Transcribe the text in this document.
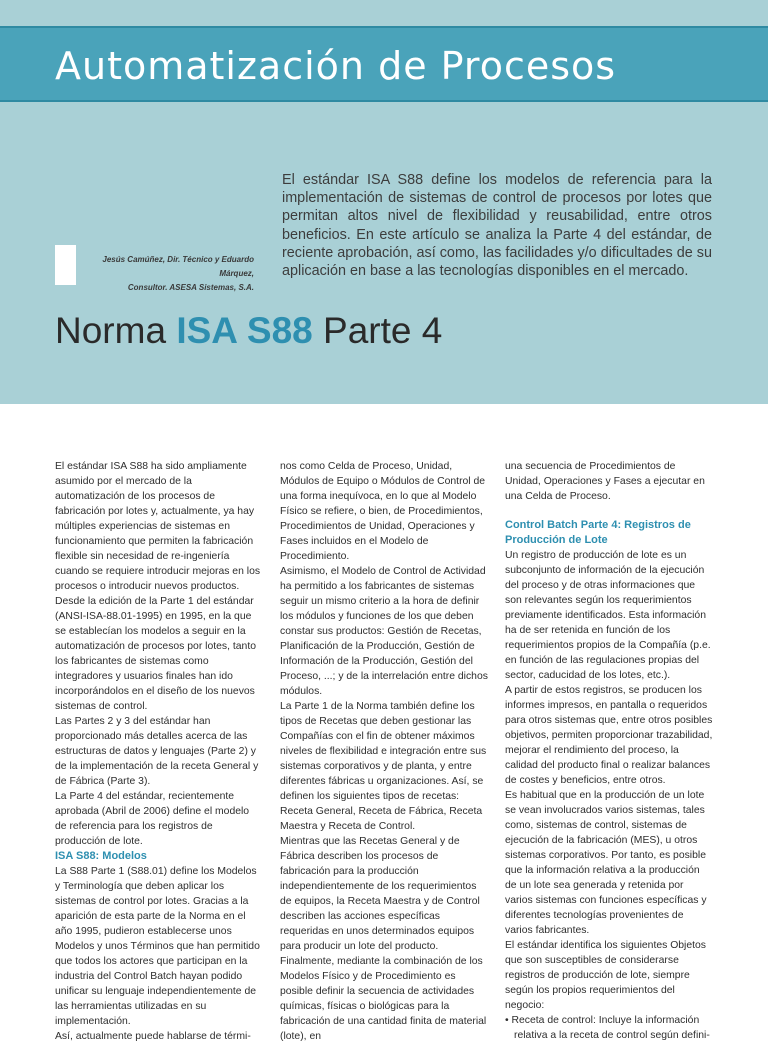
Automatización de Procesos
El estándar ISA S88 define los modelos de referencia para la implementación de sistemas de control de procesos por lotes que permitan altos nivel de flexibilidad y reusabilidad, entre otros beneficios. En este artículo se analiza la Parte 4 del estándar, de reciente aprobación, así como, las facilidades y/o dificultades de su aplicación en base a las tecnologías disponibles en el mercado.
Jesús Camúñez, Dir. Técnico y Eduardo Márquez,
Consultor. ASESA Sistemas, S.A.
Norma ISA S88 Parte 4

El estándar ISA S88 ha sido ampliamente asumido por el mercado de la automatización de los procesos de fabricación por lotes y, actualmente, ya hay múltiples experiencias de sistemas en funcionamiento que permiten la fabricación flexible sin necesidad de re-ingeniería cuando se requiere introducir mejoras en los procesos o introducir nuevos productos.

Desde la edición de la Parte 1 del estándar (ANSI-ISA-88.01-1995) en 1995, en la que se establecían los modelos a seguir en la automatización de procesos por lotes, tanto los fabricantes de sistemas como integradores y usuarios finales han ido incorporándolos en el diseño de los nuevos sistemas de control.

Las Partes 2 y 3 del estándar han proporcionado más detalles acerca de las estructuras de datos y lenguajes (Parte 2) y de la implementación de la receta General y de Fábrica (Parte 3).

La Parte 4 del estándar, recientemente aprobada (Abril de 2006) define el modelo de referencia para los registros de producción de lote.

ISA S88: Modelos

La S88 Parte 1 (S88.01) define los Modelos y Terminología que deben aplicar los sistemas de control por lotes. Gracias a la aparición de esta parte de la Norma en el año 1995, pudieron establecerse unos Modelos y unos Términos que han permitido que todos los actores que participan en la industria del Control Batch hayan podido unificar su lenguaje independientemente de las herramientas utilizadas en su implementación.

Así, actualmente puede hablarse de térmi-

nos como Celda de Proceso, Unidad, Módulos de Equipo o Módulos de Control de una forma inequívoca, en lo que al Modelo Físico se refiere, o bien, de Procedimientos, Procedimientos de Unidad, Operaciones y Fases incluidos en el Modelo de Procedimiento.

Asimismo, el Modelo de Control de Actividad ha permitido a los fabricantes de sistemas seguir un mismo criterio a la hora de definir los módulos y funciones de los que deben constar sus productos: Gestión de Recetas, Planificación de la Producción, Gestión de Información de la Producción, Gestión del Proceso, ...; y de la interrelación entre dichos módulos.

La Parte 1 de la Norma también define los tipos de Recetas que deben gestionar las Compañías con el fin de obtener máximos niveles de flexibilidad e integración entre sus sistemas corporativos y de planta, y entre diferentes fábricas u organizaciones. Así, se definen los siguientes tipos de recetas: Receta General, Receta de Fábrica, Receta Maestra y Receta de Control.

Mientras que las Recetas General y de Fábrica describen los procesos de fabricación para la producción independientemente de los requerimientos de equipos, la Receta Maestra y de Control describen las acciones específicas requeridas en unos determinados equipos para producir un lote del producto.

Finalmente, mediante la combinación de los Modelos Físico y de Procedimiento es posible definir la secuencia de actividades químicas, físicas o biológicas para la fabricación de una cantidad finita de material (lote), en

una secuencia de Procedimientos de Unidad, Operaciones y Fases a ejecutar en una Celda de Proceso.

Control Batch Parte 4: Registros de Producción de Lote

Un registro de producción de lote es un subconjunto de información de la ejecución del proceso y de otras informaciones que son relevantes según los requerimientos previamente identificados. Esta información ha de ser retenida en función de los requerimientos propios de la Compañía (p.e. en función de las regulaciones propias del sector, caducidad de los lotes, etc.).

A partir de estos registros, se producen los informes impresos, en pantalla o requeridos para otros sistemas que, entre otros posibles objetivos, permiten proporcionar trazabilidad, mejorar el rendimiento del proceso, la calidad del producto final o realizar balances de costes y beneficios, entre otros.

Es habitual que en la producción de un lote se vean involucrados varios sistemas, tales como, sistemas de control, sistemas de ejecución de la fabricación (MES), u otros sistemas corporativos. Por tanto, es posible que la información relativa a la producción de un lote sea generada y retenida por varios sistemas con funciones específicas y diferentes tecnologías provenientes de varios fabricantes.

El estándar identifica los siguientes Objetos que son susceptibles de considerarse registros de producción de lote, siempre según los propios requerimientos del negocio:

• Receta de control: Incluye la información relativa a la receta de control según defini-
